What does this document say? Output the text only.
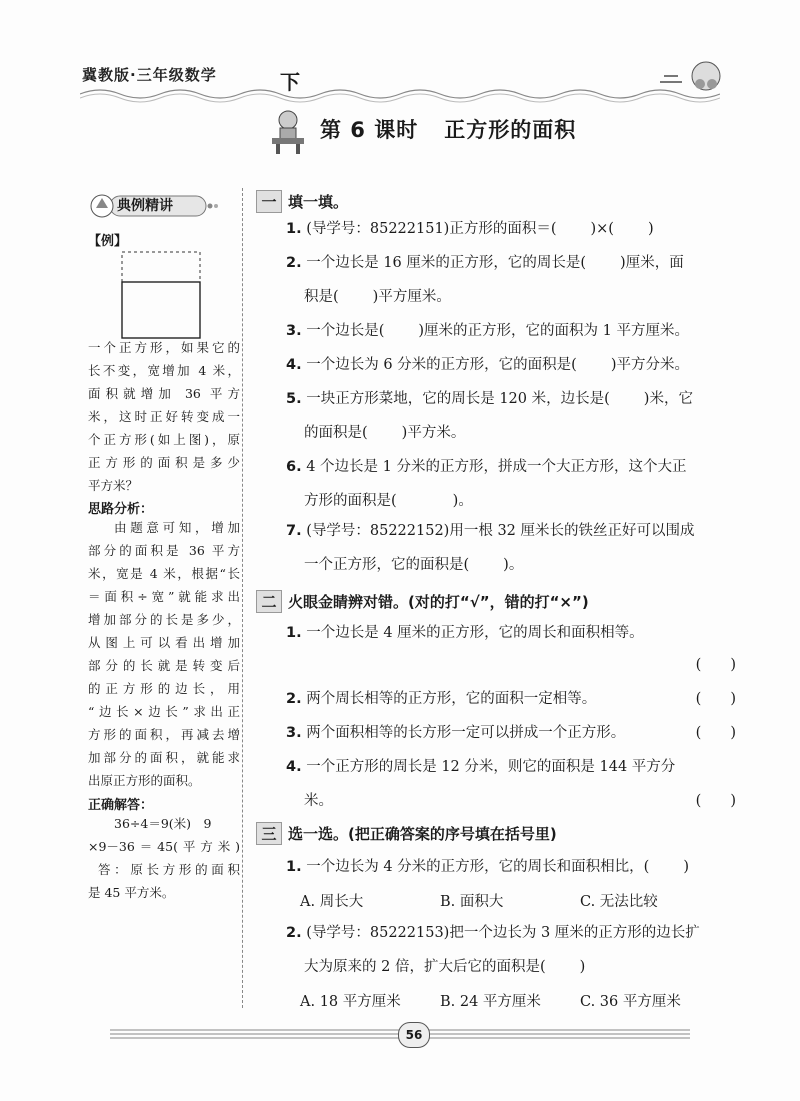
冀教版·三年级数学	下
第 6 课时 正方形的面积
典例精讲
【例】
一个正方形，如果它的
长不变，宽增加 4 米，
面积就增加 36 平方
米，这时正好转变成一
个正方形(如上图)，原
正方形的面积是多少
平方米？
思路分析：
由题意可知，增加
部分的面积是 36 平方
米，宽是 4 米，根据“长
＝面积÷宽”就能求出
增加部分的长是多少，
从图上可以看出增加
部分的长就是转变后
的正方形的边长，用
“边长×边长”求出正
方形的面积，再减去增
加部分的面积，就能求
出原正方形的面积。
正确解答：
36÷4＝9(米)　9
×9－36＝45(平方米)
答：原长方形的面积
是 45 平方米。
一 填一填。
1. (导学号：85222151)正方形的面积＝( )×( )
2. 一个边长是 16 厘米的正方形，它的周长是( )厘米，面
积是( )平方厘米。
3. 一个边长是( )厘米的正方形，它的面积为 1 平方厘米。
4. 一个边长为 6 分米的正方形，它的面积是( )平方分米。
5. 一块正方形菜地，它的周长是 120 米，边长是( )米，它
的面积是( )平方米。
6. 4 个边长是 1 分米的正方形，拼成一个大正方形，这个大正
方形的面积是(	)。
7. (导学号：85222152)用一根 32 厘米长的铁丝正好可以围成
一个正方形，它的面积是( )。
二 火眼金睛辨对错。(对的打“√”，错的打“×”)
1. 一个边长是 4 厘米的正方形，它的周长和面积相等。
(　　)
2. 两个周长相等的正方形，它的面积一定相等。	(　　)
3. 两个面积相等的长方形一定可以拼成一个正方形。	(　　)
4. 一个正方形的周长是 12 分米，则它的面积是 144 平方分
米。	(　　)
三 选一选。(把正确答案的序号填在括号里)
1. 一个边长为 4 分米的正方形，它的周长和面积相比，( )
A. 周长大	B. 面积大	C. 无法比较
2. (导学号：85222153)把一个边长为 3 厘米的正方形的边长扩
大为原来的 2 倍，扩大后它的面积是( )
A. 18 平方厘米	B. 24 平方厘米	C. 36 平方厘米
56
